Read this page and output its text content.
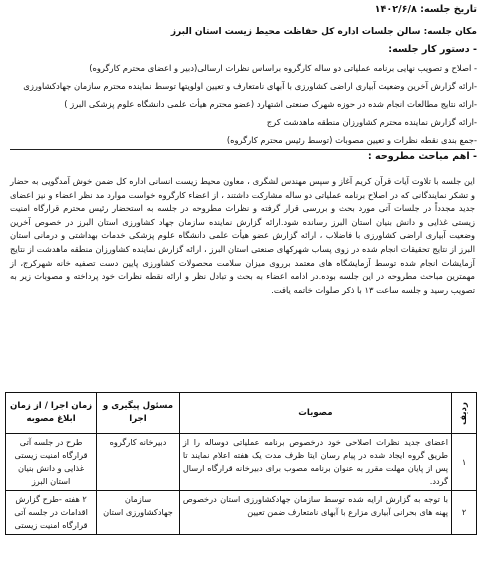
تاریخ جلسه: ۱۴۰۲/۶/۸
مکان جلسه: سالن جلسات اداره کل حفاظت محیط زیست استان البرز
- دستور کار جلسه:
- اصلاح و تصویب نهایی برنامه عملیاتی دو ساله کارگروه براساس نظرات ارسالی(دبیر و اعضای محترم کارگروه)
-ارائه گزارش آخرین وضعیت آبیاری اراضی کشاورزی با آبهای نامتعارف و تعیین اولویتها توسط نماینده محترم سازمان جهادکشاورزی
-ارائه نتایج مطالعات انجام شده در حوزه شهرک صنعتی اشتهارد (عضو محترم هیأت علمی دانشگاه علوم پزشکی البرز )
-ارائه گزارش نماینده محترم کشاورزان منطقه ماهدشت کرج
-جمع بندی نقطه نظرات و تعیین مصوبات (توسط رئیس محترم کارگروه)
- اهم مباحث مطروحه :

این جلسه با تلاوت آیات قرآن کریم آغاز و سپس مهندس لشگری ، معاون محیط زیست انسانی اداره کل ضمن خوش آمدگویی به حضار و تشکر نمایندگانی که در اصلاح برنامه عملیاتی دو ساله مشارکت داشتند ، از اعضاء کارگروه خواست موارد مد نظر اعضاء و نیز اعضای جدید مجدداً در جلسات آتی مورد بحث و بررسی قرار گرفته و نظرات مطروحه در جلسه به استحضار رئیس محترم قرارگاه امنیت زیستی غذایی و دانش بنیان استان البرز رسانده شود.ارائه گزارش نماینده سازمان جهاد کشاورزی استان البرز در خصوص آخرین وضعیت آبیاری اراضی کشاورزی با فاضلاب ، ارائه گزارش عضو هیأت علمی دانشگاه علوم پزشکی خدمات بهداشتی و درمانی استان البرز از نتایج تحقیقات انجام شده در زوی پساب شهرکهای صنعتی استان البرز ، ارائه گزارش نماینده کشاورزان منطقه ماهدشت از نتایج آزمایشات انجام شده توسط آزمایشگاه های معتمد برروی میزان سلامت محصولات کشاورزی پایین دست تصفیه خانه شهرکرج، از مهمترین مباحث مطروحه در این جلسه بوده.در ادامه اعضاء به بحث و تبادل نظر و ارائه نقطه نظرات خود پرداخته و مصوبات زیر به تصویب رسید و جلسه ساعت ۱۳ با ذکر صلوات خاتمه یافت.

ردیف	مصوبات	مسئول پیگیری و اجرا	زمان اجرا / از زمان ابلاغ مصوبه
۱	اعضای جدید نظرات اصلاحی خود درخصوص برنامه عملیاتی دوساله را از طریق گروه ایجاد شده در پیام رسان ایتا ظرف مدت یک هفته اعلام نمایند تا پس از پایان مهلت مقرر به عنوان برنامه مصوب برای دبیرخانه قرارگاه ارسال گردد.	دبیرخانه کارگروه	طرح در جلسه آتی قرارگاه امنیت زیستی غذایی و دانش بنیان استان البرز
۲	با توجه به گزارش ارایه شده توسط سازمان جهادکشاورزی استان درخصوص پهنه های بحرانی آبیاری مزارع با آبهای نامتعارف ضمن تعیین	سازمان جهادکشاورزی استان	۲ هفته -طرح گزارش اقدامات در جلسه آتی قرارگاه امنیت زیستی
